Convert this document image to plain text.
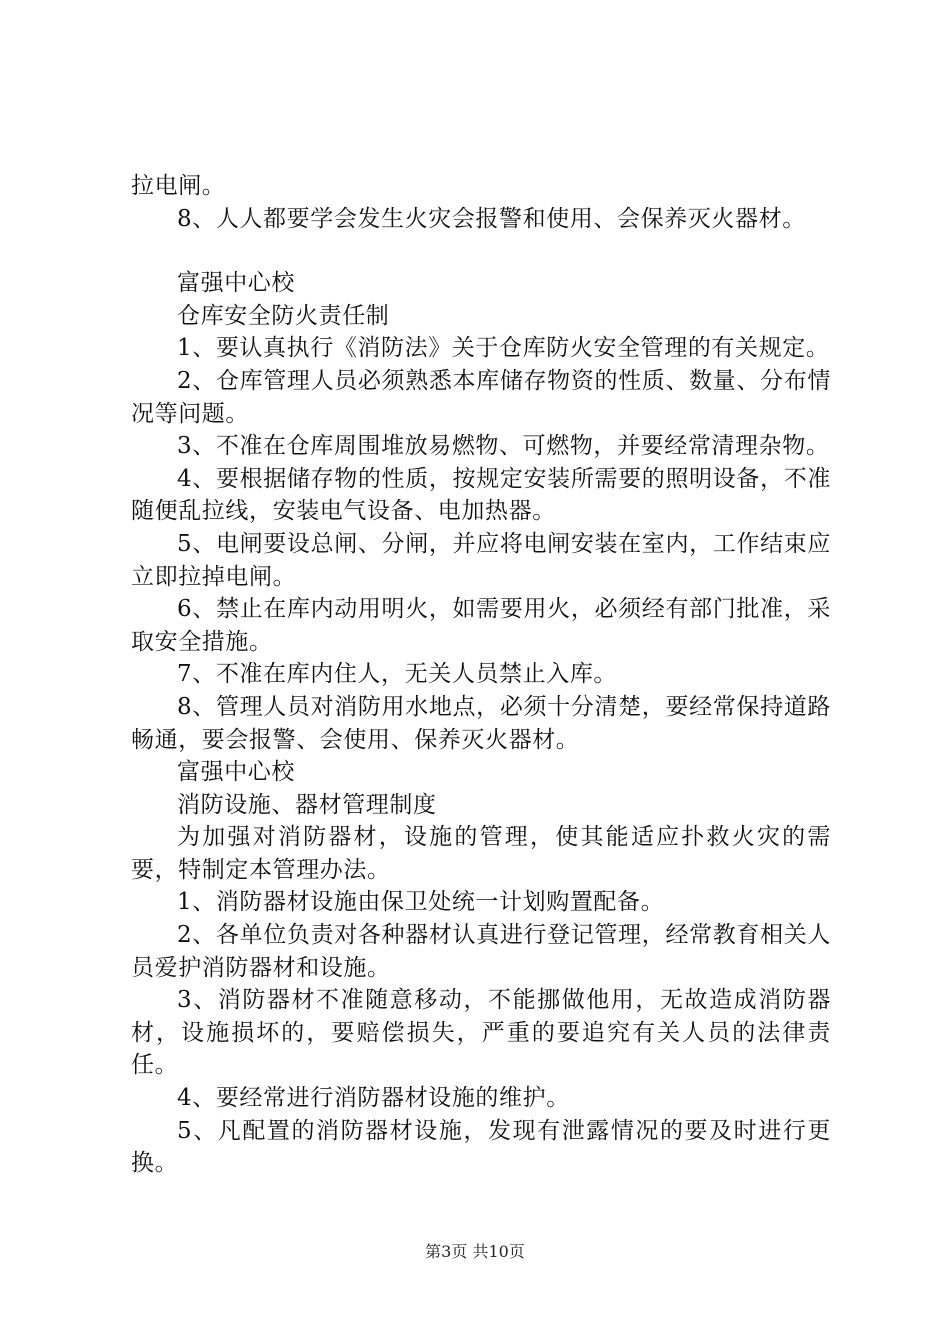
拉电闸。

8、人人都要学会发生火灾会报警和使用、会保养灭火器材。

富强中心校

仓库安全防火责任制

1、要认真执行《消防法》关于仓库防火安全管理的有关规定。

2、仓库管理人员必须熟悉本库储存物资的性质、数量、分布情况等问题。

3、不准在仓库周围堆放易燃物、可燃物，并要经常清理杂物。

4、要根据储存物的性质，按规定安装所需要的照明设备，不准随便乱拉线，安装电气设备、电加热器。

5、电闸要设总闸、分闸，并应将电闸安装在室内，工作结束应立即拉掉电闸。

6、禁止在库内动用明火，如需要用火，必须经有部门批准，采取安全措施。

7、不准在库内住人，无关人员禁止入库。

8、管理人员对消防用水地点，必须十分清楚，要经常保持道路畅通，要会报警、会使用、保养灭火器材。

富强中心校

消防设施、器材管理制度

为加强对消防器材，设施的管理，使其能适应扑救火灾的需要，特制定本管理办法。

1、消防器材设施由保卫处统一计划购置配备。

2、各单位负责对各种器材认真进行登记管理，经常教育相关人员爱护消防器材和设施。

3、消防器材不准随意移动，不能挪做他用，无故造成消防器材，设施损坏的，要赔偿损失，严重的要追究有关人员的法律责任。

4、要经常进行消防器材设施的维护。

5、凡配置的消防器材设施，发现有泄露情况的要及时进行更换。

第3页 共10页
